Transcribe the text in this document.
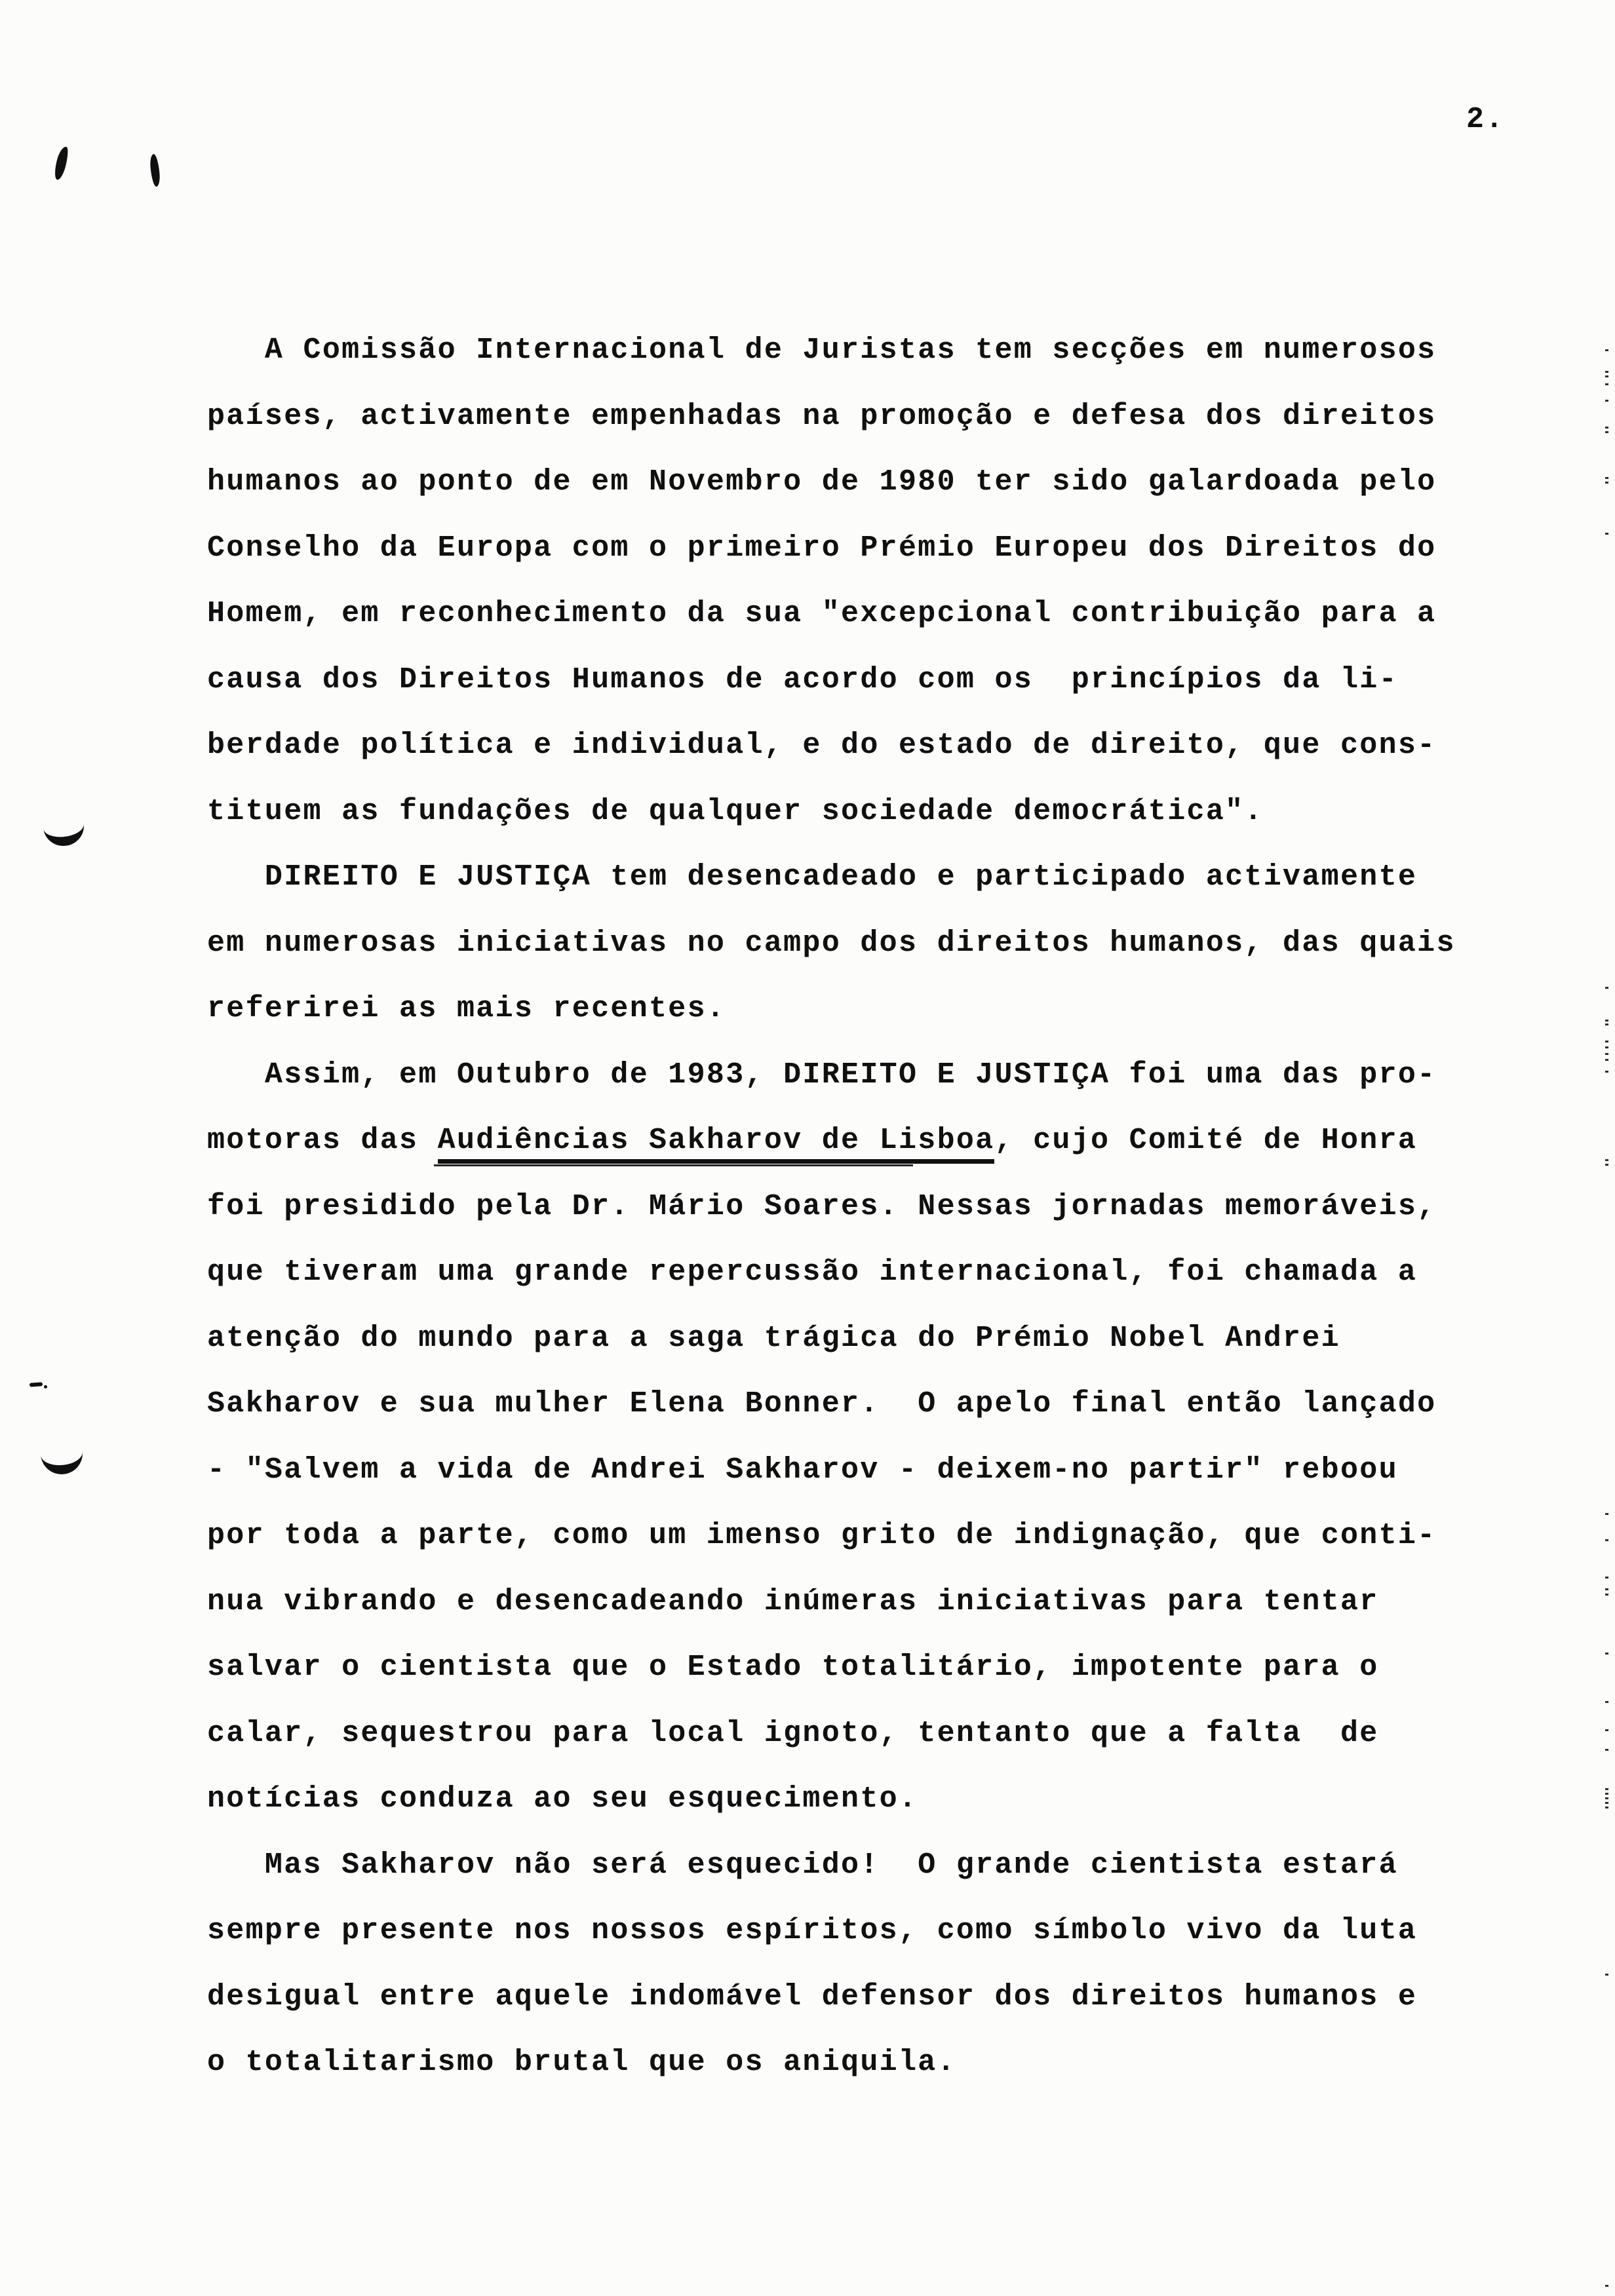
2.
A Comissão Internacional de Juristas tem secções em numerosos
países, activamente empenhadas na promoção e defesa dos direitos
humanos ao ponto de em Novembro de 1980 ter sido galardoada pelo
Conselho da Europa com o primeiro Prémio Europeu dos Direitos do
Homem, em reconhecimento da sua "excepcional contribuição para a
causa dos Direitos Humanos de acordo com os  princípios da li-
berdade política e individual, e do estado de direito, que cons-
tituem as fundações de qualquer sociedade democrática".
DIREITO E JUSTIÇA tem desencadeado e participado activamente
em numerosas iniciativas no campo dos direitos humanos, das quais
referirei as mais recentes.
Assim, em Outubro de 1983, DIREITO E JUSTIÇA foi uma das pro-
motoras das Audiências Sakharov de Lisboa, cujo Comité de Honra
foi presidido pela Dr. Mário Soares. Nessas jornadas memoráveis,
que tiveram uma grande repercussão internacional, foi chamada a
atenção do mundo para a saga trágica do Prémio Nobel Andrei
Sakharov e sua mulher Elena Bonner.  O apelo final então lançado
- "Salvem a vida de Andrei Sakharov - deixem-no partir" reboou
por toda a parte, como um imenso grito de indignação, que conti-
nua vibrando e desencadeando inúmeras iniciativas para tentar
salvar o cientista que o Estado totalitário, impotente para o
calar, sequestrou para local ignoto, tentanto que a falta  de
notícias conduza ao seu esquecimento.
Mas Sakharov não será esquecido!  O grande cientista estará
sempre presente nos nossos espíritos, como símbolo vivo da luta
desigual entre aquele indomável defensor dos direitos humanos e
o totalitarismo brutal que os aniquila.
